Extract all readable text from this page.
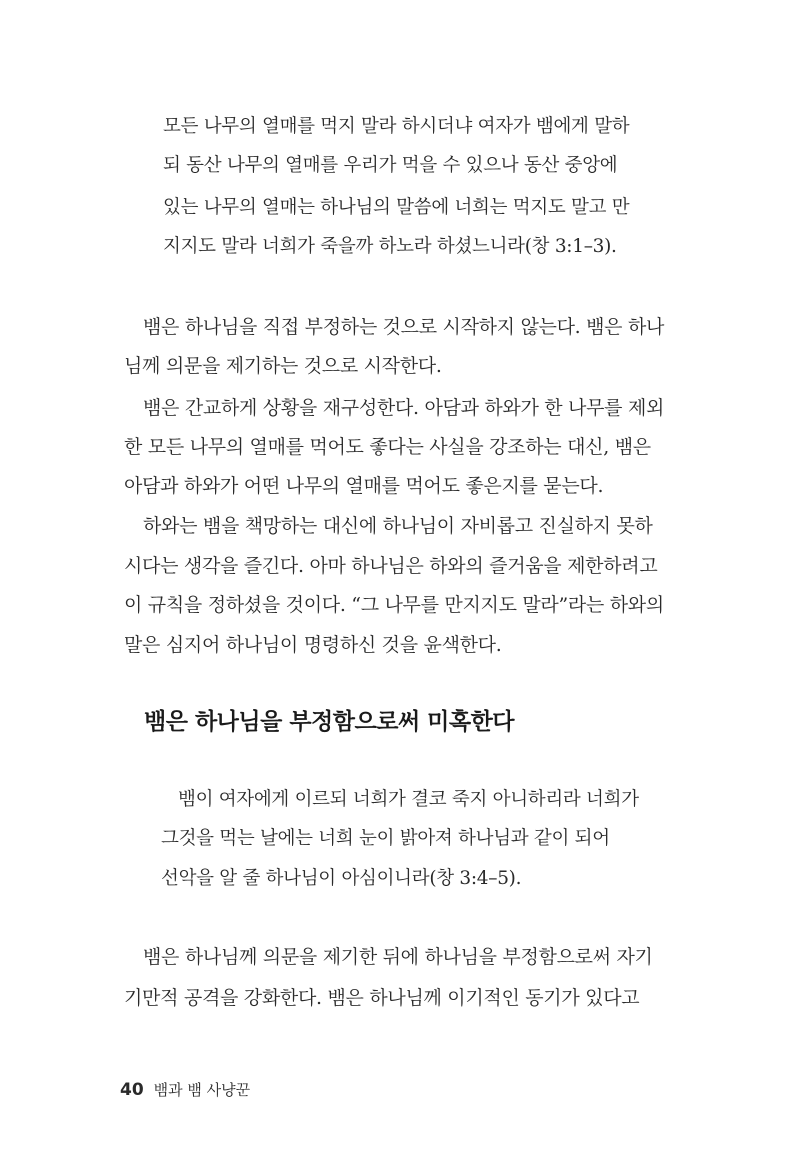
모든 나무의 열매를 먹지 말라 하시더냐 여자가 뱀에게 말하
되 동산 나무의 열매를 우리가 먹을 수 있으나 동산 중앙에
있는 나무의 열매는 하나님의 말씀에 너희는 먹지도 말고 만
지지도 말라 너희가 죽을까 하노라 하셨느니라(창 3:1–3).
뱀은 하나님을 직접 부정하는 것으로 시작하지 않는다. 뱀은 하나
님께 의문을 제기하는 것으로 시작한다.
뱀은 간교하게 상황을 재구성한다. 아담과 하와가 한 나무를 제외
한 모든 나무의 열매를 먹어도 좋다는 사실을 강조하는 대신, 뱀은
아담과 하와가 어떤 나무의 열매를 먹어도 좋은지를 묻는다.
하와는 뱀을 책망하는 대신에 하나님이 자비롭고 진실하지 못하
시다는 생각을 즐긴다. 아마 하나님은 하와의 즐거움을 제한하려고
이 규칙을 정하셨을 것이다. “그 나무를 만지지도 말라”라는 하와의
말은 심지어 하나님이 명령하신 것을 윤색한다.
뱀은 하나님을 부정함으로써 미혹한다
뱀이 여자에게 이르되 너희가 결코 죽지 아니하리라 너희가
그것을 먹는 날에는 너희 눈이 밝아져 하나님과 같이 되어
선악을 알 줄 하나님이 아심이니라(창 3:4–5).
뱀은 하나님께 의문을 제기한 뒤에 하나님을 부정함으로써 자기
기만적 공격을 강화한다. 뱀은 하나님께 이기적인 동기가 있다고
40 뱀과 뱀 사냥꾼
